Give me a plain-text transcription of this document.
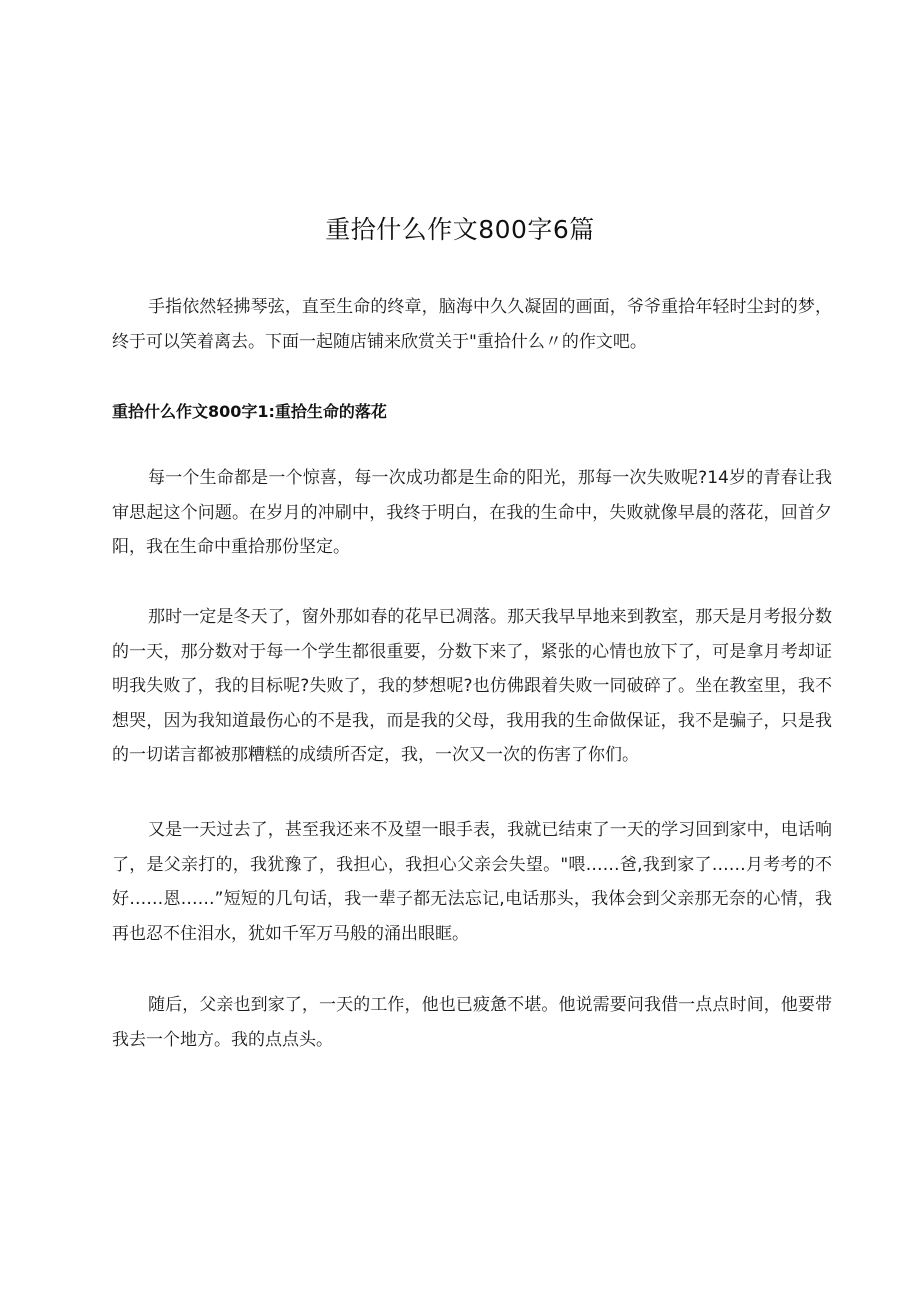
重拾什么作文800字6篇

手指依然轻拂琴弦，直至生命的终章，脑海中久久凝固的画面，爷爷重拾年轻时尘封的梦，终于可以笑着离去。下面一起随店铺来欣赏关于"重拾什么〃的作文吧。

重拾什么作文800字1:重拾生命的落花

每一个生命都是一个惊喜，每一次成功都是生命的阳光，那每一次失败呢?14岁的青春让我审思起这个问题。在岁月的冲刷中，我终于明白，在我的生命中，失败就像早晨的落花，回首夕阳，我在生命中重拾那份坚定。

那时一定是冬天了，窗外那如春的花早已凋落。那天我早早地来到教室，那天是月考报分数的一天，那分数对于每一个学生都很重要，分数下来了，紧张的心情也放下了，可是拿月考却证明我失败了，我的目标呢?失败了，我的梦想呢?也仿佛跟着失败一同破碎了。坐在教室里，我不想哭，因为我知道最伤心的不是我，而是我的父母，我用我的生命做保证，我不是骗子，只是我的一切诺言都被那糟糕的成绩所否定，我，一次又一次的伤害了你们。

又是一天过去了，甚至我还来不及望一眼手表，我就已结束了一天的学习回到家中，电话响了，是父亲打的，我犹豫了，我担心，我担心父亲会失望。"喂……爸,我到家了……月考考的不好……恩……”短短的几句话，我一辈子都无法忘记,电话那头，我体会到父亲那无奈的心情，我再也忍不住泪水，犹如千军万马般的涌出眼眶。

随后，父亲也到家了，一天的工作，他也已疲惫不堪。他说需要问我借一点点时间，他要带我去一个地方。我的点点头。
